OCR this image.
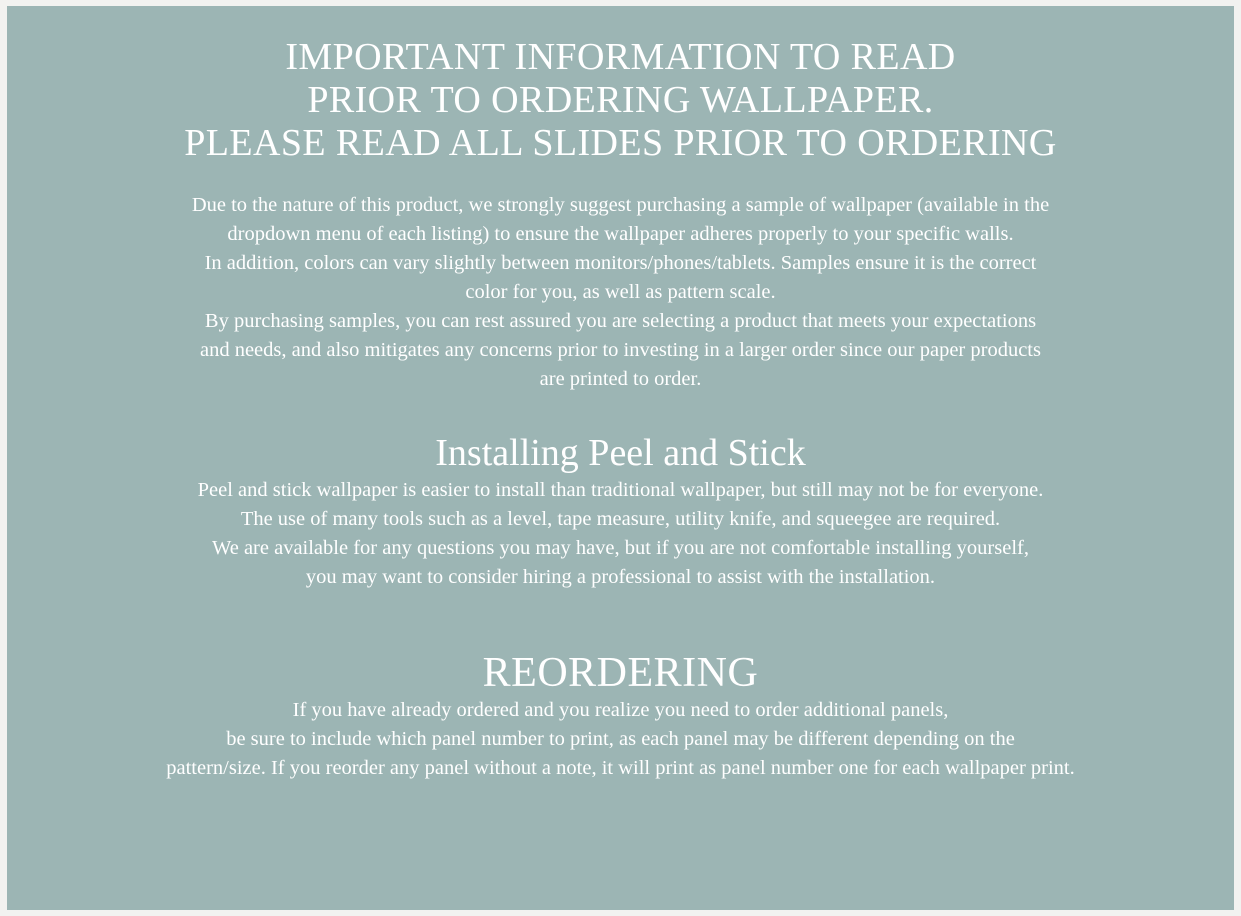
IMPORTANT INFORMATION TO READ
PRIOR TO ORDERING WALLPAPER.
PLEASE READ ALL SLIDES PRIOR TO ORDERING
Due to the nature of this product, we strongly suggest purchasing a sample of wallpaper (available in the
dropdown menu of each listing) to ensure the wallpaper adheres properly to your specific walls.
In addition, colors can vary slightly between monitors/phones/tablets. Samples ensure it is the correct
color for you, as well as pattern scale.
By purchasing samples, you can rest assured you are selecting a product that meets your expectations
and needs, and also mitigates any concerns prior to investing in a larger order since our paper products
are printed to order.
Installing Peel and Stick
Peel and stick wallpaper is easier to install than traditional wallpaper, but still may not be for everyone.
The use of many tools such as a level, tape measure, utility knife, and squeegee are required.
We are available for any questions you may have, but if you are not comfortable installing yourself,
you may want to consider hiring a professional to assist with the installation.
REORDERING
If you have already ordered and you realize you need to order additional panels,
be sure to include which panel number to print, as each panel may be different depending on the
pattern/size. If you reorder any panel without a note, it will print as panel number one for each wallpaper print.
